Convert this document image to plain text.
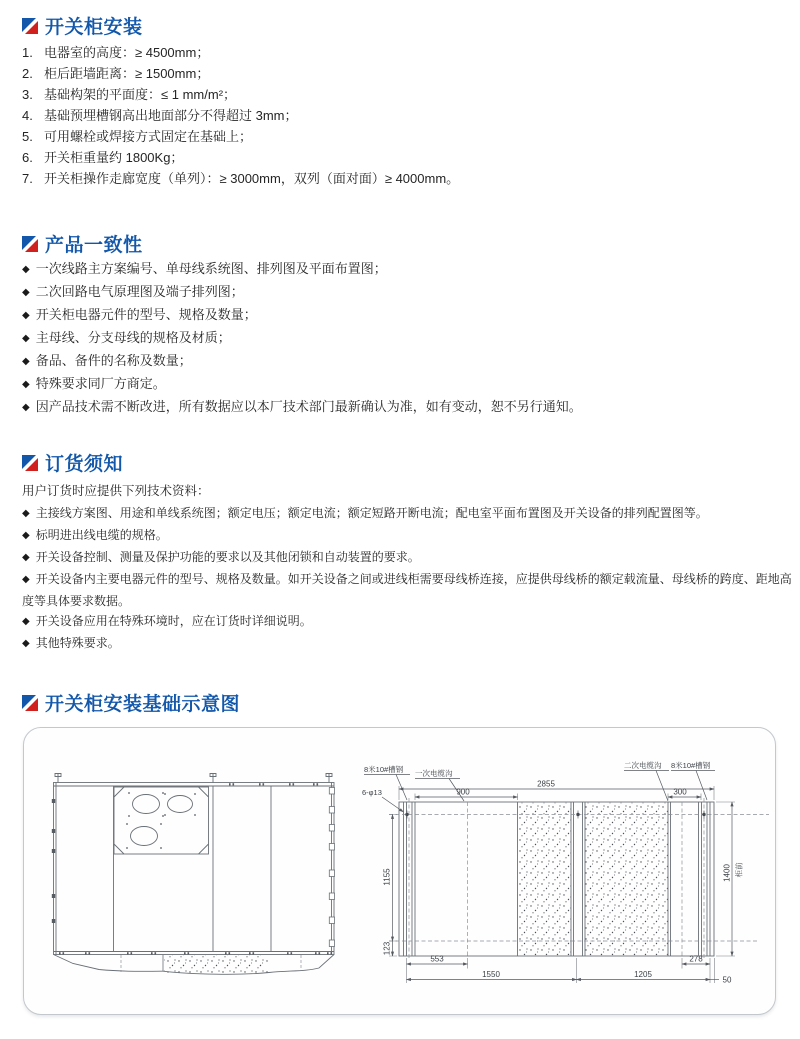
开关柜安装
1. 电器室的高度：≥ 4500mm；
2. 柜后距墙距离：≥ 1500mm；
3. 基础构架的平面度：≤ 1 mm/m²；
4. 基础预埋槽钢高出地面部分不得超过 3mm；
5. 可用螺栓或焊接方式固定在基础上；
6. 开关柜重量约 1800Kg；
7. 开关柜操作走廊宽度（单列）：≥ 3000mm，双列（面对面）≥ 4000mm。
产品一致性
◆ 一次线路主方案编号、单母线系统图、排列图及平面布置图；
◆ 二次回路电气原理图及端子排列图；
◆ 开关柜电器元件的型号、规格及数量；
◆ 主母线、分支母线的规格及材质；
◆ 备品、备件的名称及数量；
◆ 特殊要求同厂方商定。
◆ 因产品技术需不断改进，所有数据应以本厂技术部门最新确认为准，如有变动，恕不另行通知。
订货须知

用户订货时应提供下列技术资料：

◆ 主接线方案图、用途和单线系统图；额定电压；额定电流；额定短路开断电流；配电室平面布置图及开关设备的排列配置图等。

◆ 标明进出线电缆的规格。

◆ 开关设备控制、测量及保护功能的要求以及其他闭锁和自动装置的要求。

◆ 开关设备内主要电器元件的型号、规格及数量。如开关设备之间或进线柜需要母线桥连接，应提供母线桥的额定载流量、母线桥的跨度、距地高度等具体要求数据。

◆ 开关设备应用在特殊环境时，应在订货时详细说明。

◆ 其他特殊要求。

开关柜安装基础示意图
2855
900	300
1155
123
1400 柜前
553	278
1550	1205
50
8米10#槽钢 一次电缆沟
二次电缆沟 8米10#槽钢
6-φ13
